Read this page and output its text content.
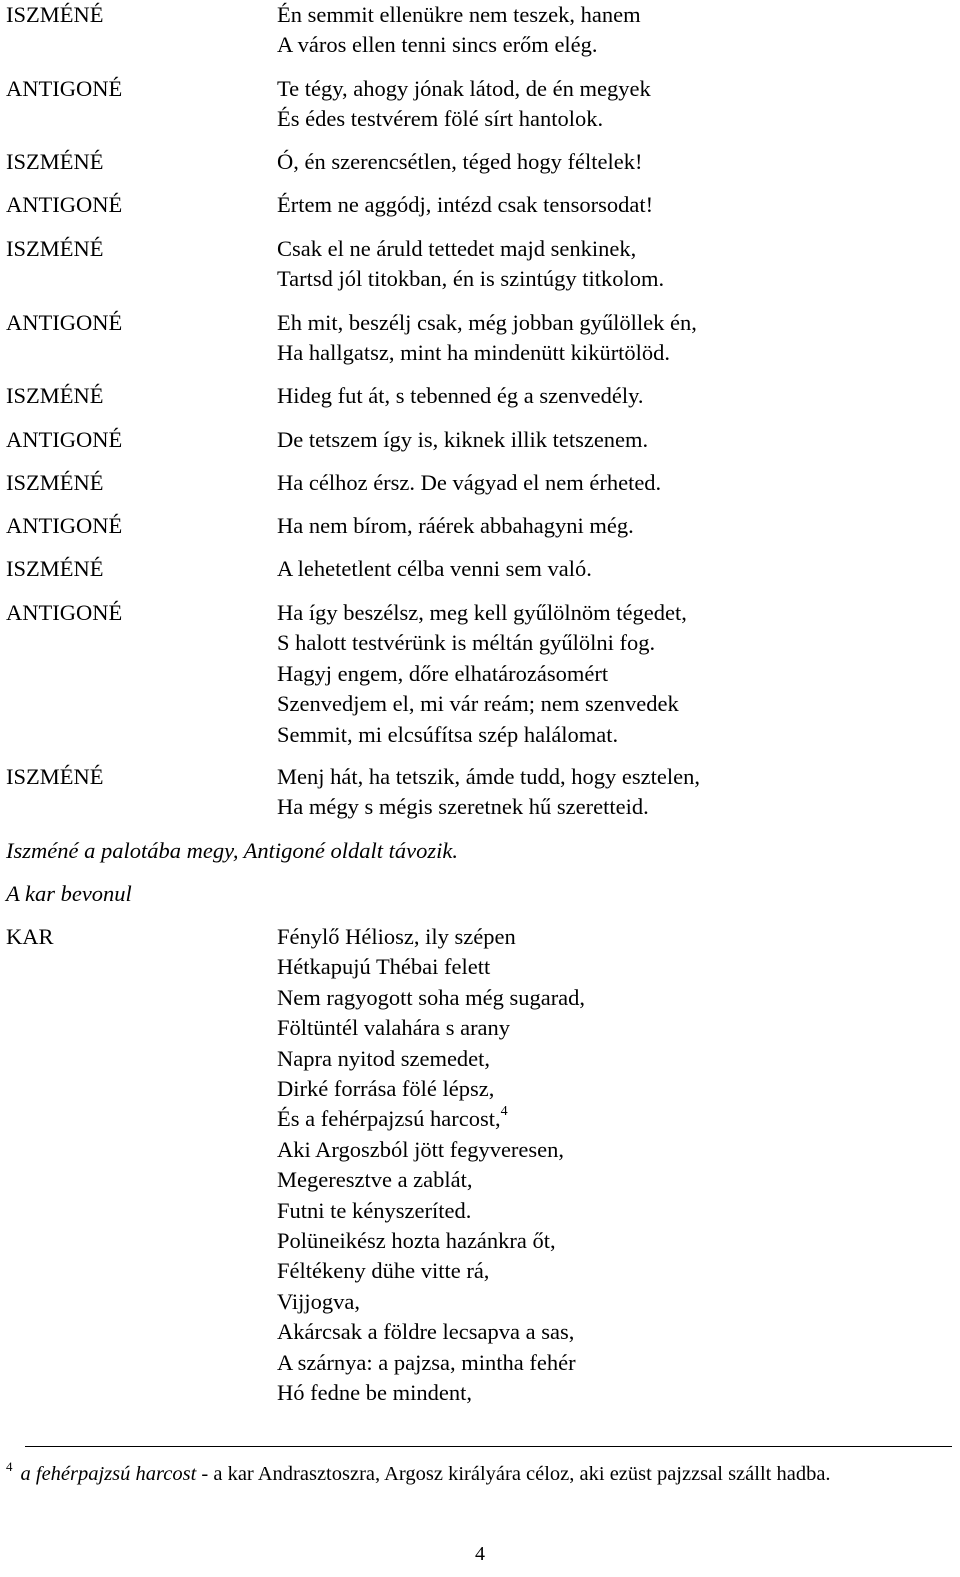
ISZMÉNÉ	Én semmit ellenükre nem teszek, hanem
A város ellen tenni sincs erőm elég.
ANTIGONÉ	Te tégy, ahogy jónak látod, de én megyek
És édes testvérem fölé sírt hantolok.
ISZMÉNÉ	Ó, én szerencsétlen, téged hogy féltelek!
ANTIGONÉ	Értem ne aggódj, intézd csak tensorsodat!
ISZMÉNÉ	Csak el ne áruld tettedet majd senkinek,
Tartsd jól titokban, én is szintúgy titkolom.
ANTIGONÉ	Eh mit, beszélj csak, még jobban gyűlöllek én,
Ha hallgatsz, mint ha mindenütt kikürtölöd.
ISZMÉNÉ	Hideg fut át, s tebenned ég a szenvedély.
ANTIGONÉ	De tetszem így is, kiknek illik tetszenem.
ISZMÉNÉ	Ha célhoz érsz. De vágyad el nem érheted.
ANTIGONÉ	Ha nem bírom, ráérek abbahagyni még.
ISZMÉNÉ	A lehetetlent célba venni sem való.
ANTIGONÉ	Ha így beszélsz, meg kell gyűlölnöm tégedet,
S halott testvérünk is méltán gyűlölni fog.
Hagyj engem, dőre elhatározásomért
Szenvedjem el, mi vár reám; nem szenvedek
Semmit, mi elcsúfítsa szép halálomat.
ISZMÉNÉ	Menj hát, ha tetszik, ámde tudd, hogy esztelen,
Ha mégy s mégis szeretnek hű szeretteid.
Iszméné a palotába megy, Antigoné oldalt távozik.
A kar bevonul
KAR	Fénylő Héliosz, ily szépen
Hétkapujú Thébai felett
Nem ragyogott soha még sugarad,
Föltüntél valahára s arany
Napra nyitod szemedet,
Dirké forrása fölé lépsz,
És a fehérpajzsú harcost,$^4$
Aki Argoszból jött fegyveresen,
Megeresztve a zablát,
Futni te kényszeríted.
Polüneikész hozta hazánkra őt,
Féltékeny dühe vitte rá,
Vijjogva,
Akárcsak a földre lecsapva a sas,
A szárnya: a pajzsa, mintha fehér
Hó fedne be mindent,
$^4$ a fehérpajzsú harcost - a kar Andrasztoszra, Argosz királyára céloz, aki ezüst pajzzsal szállt hadba.
4
